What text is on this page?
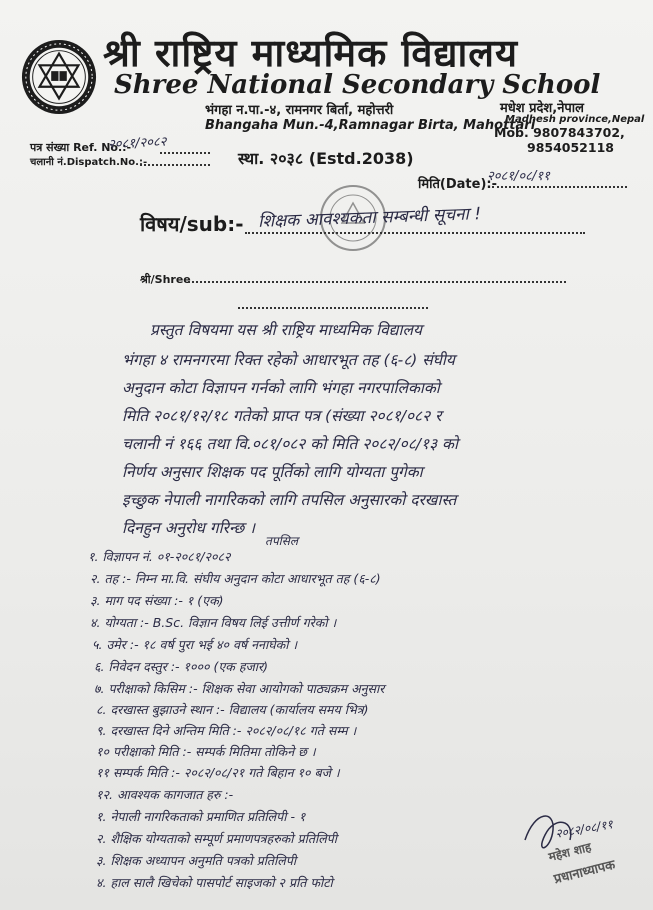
श्री राष्ट्रिय माध्यमिक विद्यालय
Shree National Secondary School
भंगहा न.पा.-४, रामनगर बिर्ता, महोत्तरी
Bhangaha Mun.-4,Ramnagar Birta, Mahottari
मधेश प्रदेश,नेपाल
Madhesh province,Nepal
Mob. 9807843702,
9854052118
पत्र संख्या Ref. No.:-
२०८१/२०८२
चलानी नं.Dispatch.No.:-	स्था. २०३८ (Estd.2038)
मिति(Date):-
२०८१/०८/११
विषय/sub:- शिक्षक आवश्यकता सम्बन्धी सूचना !
श्री/Shree
प्रस्तुत विषयमा यस श्री राष्ट्रिय माध्यमिक विद्यालय
भंगहा ४ रामनगरमा रिक्त रहेको आधारभूत तह (६-८) संघीय
अनुदान कोटा विज्ञापन गर्नको लागि भंगहा नगरपालिकाको
मिति २०८१/१२/१८ गतेको प्राप्त पत्र (संख्या २०८१/०८२ र
चलानी नं १६६ तथा वि.०८१/०८२ को मिति २०८२/०८/१३ को
निर्णय अनुसार शिक्षक पद पूर्तिको लागि योग्यता पुगेका
इच्छुक नेपाली नागरिकको लागि तपसिल अनुसारको दरखास्त
दिनहुन अनुरोध गरिन्छ ।
तपसिल
१. विज्ञापन नं. ०१-२०८१/२०८२
२. तह :- निम्न मा.वि. संघीय अनुदान कोटा आधारभूत तह (६-८)
३. माग पद संख्या :- १ (एक)
४. योग्यता :- B.Sc. विज्ञान विषय लिई उत्तीर्ण गरेको ।
५. उमेर :- १८ वर्ष पुरा भई ४० वर्ष ननाघेको ।
६. निवेदन दस्तुर :- १००० (एक हजार)
७. परीक्षाको किसिम :- शिक्षक सेवा आयोगको पाठ्यक्रम अनुसार
८. दरखास्त बुझाउने स्थान :- विद्यालय (कार्यालय समय भित्र)
९. दरखास्त दिने अन्तिम मिति :- २०८२/०८/१८ गते सम्म ।
१० परीक्षाको मिति :- सम्पर्क मितिमा तोकिने छ ।
११ सम्पर्क मिति :- २०८२/०८/२१ गते बिहान १० बजे ।
१२. आवश्यक कागजात हरु :-
१. नेपाली नागरिकताको प्रमाणित प्रतिलिपी - १
२. शैक्षिक योग्यताको सम्पूर्ण प्रमाणपत्रहरुको प्रतिलिपी
३. शिक्षक अध्यापन अनुमति पत्रको प्रतिलिपी
४. हाल सालै खिचेको पासपोर्ट साइजको २ प्रति फोटो
२०८२/०८/११
महेश शाह
प्रधानाध्यापक
